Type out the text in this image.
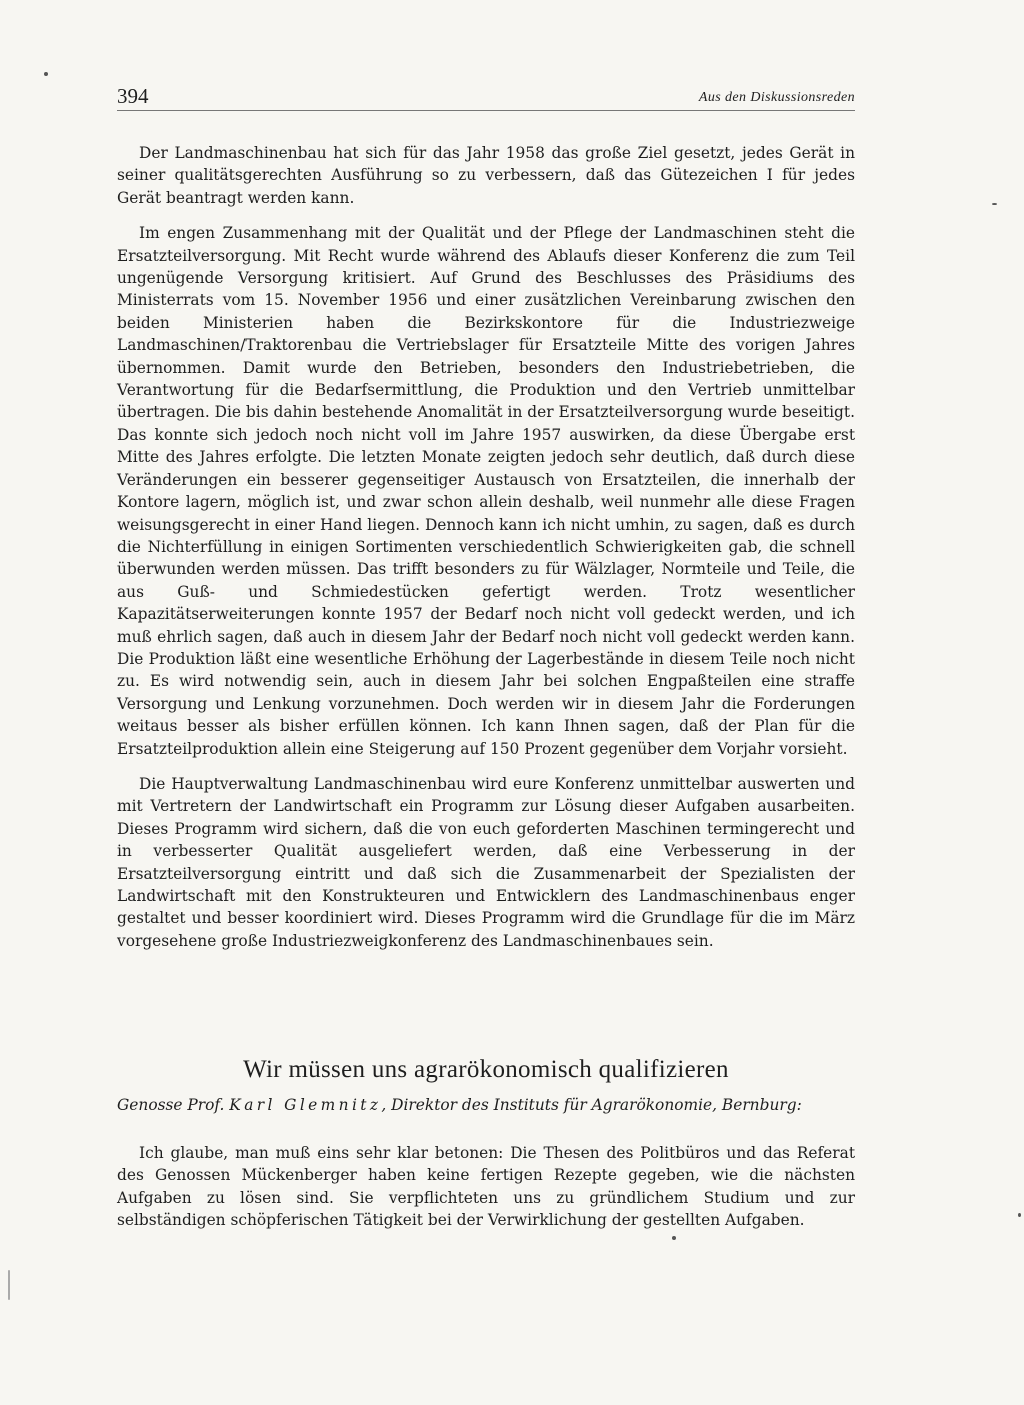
394	Aus den Diskussionsreden

Der Landmaschinenbau hat sich für das Jahr 1958 das große Ziel gesetzt, jedes Gerät in seiner qualitätsgerechten Ausführung so zu verbessern, daß das Gütezeichen I für jedes Gerät beantragt werden kann.

Im engen Zusammenhang mit der Qualität und der Pflege der Landmaschinen steht die Ersatzteilversorgung. Mit Recht wurde während des Ablaufs dieser Konferenz die zum Teil ungenügende Versorgung kritisiert. Auf Grund des Beschlusses des Präsidiums des Ministerrats vom 15. November 1956 und einer zusätzlichen Vereinbarung zwischen den beiden Ministerien haben die Bezirkskontore für die Industriezweige Landmaschinen/Traktorenbau die Vertriebslager für Ersatzteile Mitte des vorigen Jahres übernommen. Damit wurde den Betrieben, besonders den Industriebetrieben, die Verantwortung für die Bedarfsermittlung, die Produktion und den Vertrieb unmittelbar übertragen. Die bis dahin bestehende Anomalität in der Ersatzteilversorgung wurde beseitigt. Das konnte sich jedoch noch nicht voll im Jahre 1957 auswirken, da diese Übergabe erst Mitte des Jahres erfolgte. Die letzten Monate zeigten jedoch sehr deutlich, daß durch diese Veränderungen ein besserer gegenseitiger Austausch von Ersatzteilen, die innerhalb der Kontore lagern, möglich ist, und zwar schon allein deshalb, weil nunmehr alle diese Fragen weisungsgerecht in einer Hand liegen. Dennoch kann ich nicht umhin, zu sagen, daß es durch die Nichterfüllung in einigen Sortimenten verschiedentlich Schwierigkeiten gab, die schnell überwunden werden müssen. Das trifft besonders zu für Wälzlager, Normteile und Teile, die aus Guß- und Schmiedestücken gefertigt werden. Trotz wesentlicher Kapazitätserweiterungen konnte 1957 der Bedarf noch nicht voll gedeckt werden, und ich muß ehrlich sagen, daß auch in diesem Jahr der Bedarf noch nicht voll gedeckt werden kann. Die Produktion läßt eine wesentliche Erhöhung der Lagerbestände in diesem Teile noch nicht zu. Es wird notwendig sein, auch in diesem Jahr bei solchen Engpaßteilen eine straffe Versorgung und Lenkung vorzunehmen. Doch werden wir in diesem Jahr die Forderungen weitaus besser als bisher erfüllen können. Ich kann Ihnen sagen, daß der Plan für die Ersatzteilproduktion allein eine Steigerung auf 150 Prozent gegenüber dem Vorjahr vorsieht.

Die Hauptverwaltung Landmaschinenbau wird eure Konferenz unmittelbar auswerten und mit Vertretern der Landwirtschaft ein Programm zur Lösung dieser Aufgaben ausarbeiten. Dieses Programm wird sichern, daß die von euch geforderten Maschinen termingerecht und in verbesserter Qualität ausgeliefert werden, daß eine Verbesserung in der Ersatzteilversorgung eintritt und daß sich die Zusammenarbeit der Spezialisten der Landwirtschaft mit den Konstrukteuren und Entwicklern des Landmaschinenbaus enger gestaltet und besser koordiniert wird. Dieses Programm wird die Grundlage für die im März vorgesehene große Industriezweigkonferenz des Landmaschinenbaues sein.

Wir müssen uns agrarökonomisch qualifizieren
Genosse Prof. Karl Glemnitz, Direktor des Instituts für Agrarökonomie, Bernburg:

Ich glaube, man muß eins sehr klar betonen: Die Thesen des Politbüros und das Referat des Genossen Mückenberger haben keine fertigen Rezepte gegeben, wie die nächsten Aufgaben zu lösen sind. Sie verpflichteten uns zu gründlichem Studium und zur selbständigen schöpferischen Tätigkeit bei der Verwirklichung der gestellten Aufgaben.
